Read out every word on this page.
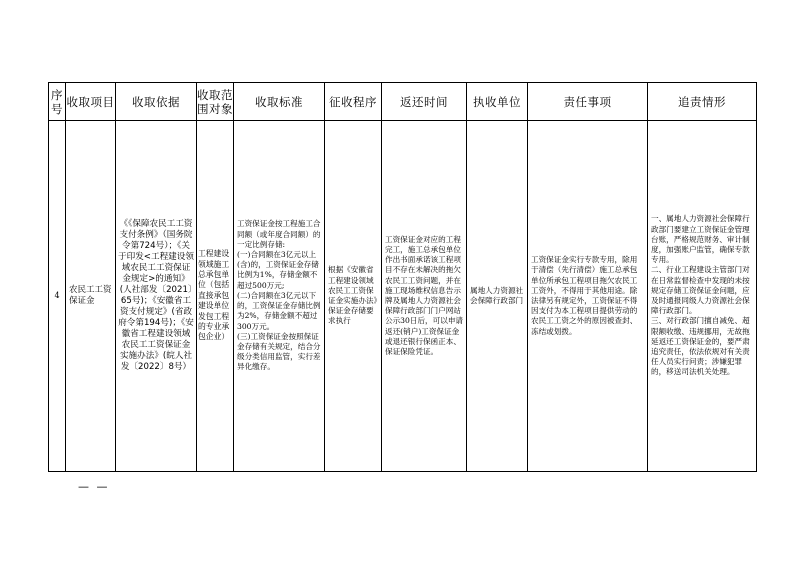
序号	收取项目	收取依据	收取范围对象	收取标准	征收程序	返还时间	执收单位	责任事项	追责情形

4	农民工工资保证金	《《保障农民工工资支付条例》（国务院令第724号）；《关于印发<工程建设领域农民工工资保证金规定>的通知》(人社部发〔2021〕65号)；《安徽省工资支付规定》(省政府令第194号)；《安徽省工程建设领域农民工工资保证金实施办法》(皖人社发〔2022〕8号）	工程建设领域施工总承包单位（包括直接承包建设单位发包工程的专业承包企业）	工资保证金按工程施工合同额（或年度合同额）的一定比例存储:
(一)合同额在3亿元以上(含)的，工资保证金存储比例为1%，存储金额不超过500万元;
(二)合同额在3亿元以下的，工资保证金存储比例为2%，存储金额不超过300万元。
(三)工资保证金按照保证金存储有关规定，结合分级分类信用监管，实行差异化缴存。	根据《安徽省工程建设领域农民工工资保证金实施办法》保证金存储要求执行	工资保证金对应的工程完工，施工总承包单位作出书面承诺该工程项目不存在未解决的拖欠农民工工资问题，并在施工现场维权信息告示牌及属地人力资源社会保障行政部门门户网站公示30日后，可以申请返还(销户)工资保证金或退还银行保函正本、保证保险凭证。	属地人力资源社会保障行政部门	工资保证金实行专款专用，除用于清偿（先行清偿）施工总承包单位所承包工程项目拖欠农民工工资外，不得用于其他用途。除法律另有规定外，工资保证不得因支付为本工程项目提供劳动的农民工工资之外的原因被查封、冻结或划拨。	一、属地人力资源社会保障行政部门要建立工资保证金管理台账，严格规范财务、审计制度，加强账户监管，确保专款专用。
二、行业工程建设主管部门对在日常监督检查中发现的未按规定存储工资保证金问题，应及时通报同级人力资源社会保障行政部门。
三、对行政部门擅自减免、超限额收缴、违规挪用，无故拖延返还工资保证金的，要严肃追究责任，依法依规对有关责任人员实行问责；涉嫌犯罪的，移送司法机关处理。
— —
